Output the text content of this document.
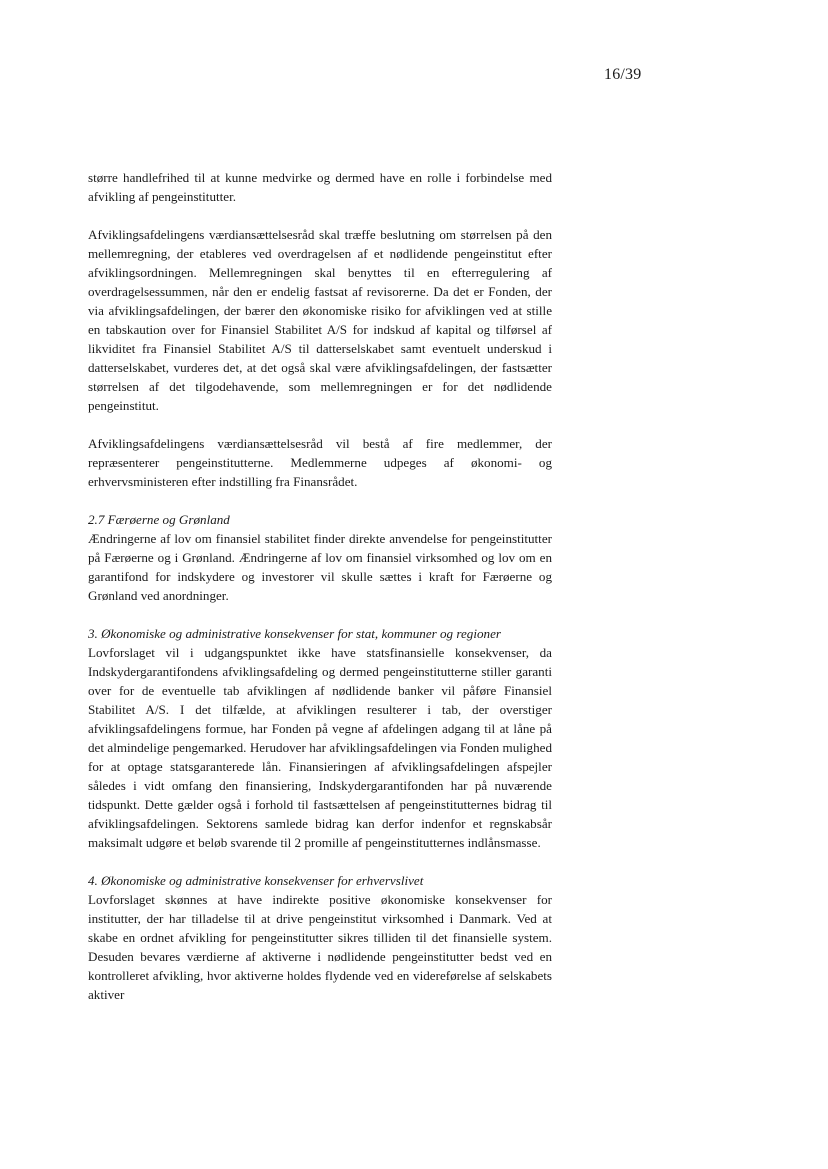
16/39

større handlefrihed til at kunne medvirke og dermed have en rolle i forbindelse med afvikling af pengeinstitutter.

Afviklingsafdelingens værdiansættelsesråd skal træffe beslutning om størrelsen på den mellemregning, der etableres ved overdragelsen af et nødlidende pengeinstitut efter afviklingsordningen. Mellemregningen skal benyttes til en efterregulering af overdragelsessummen, når den er endelig fastsat af revisorerne. Da det er Fonden, der via afviklingsafdelingen, der bærer den økonomiske risiko for afviklingen ved at stille en tabskaution over for Finansiel Stabilitet A/S for indskud af kapital og tilførsel af likviditet fra Finansiel Stabilitet A/S til datterselskabet samt eventuelt underskud i datterselskabet, vurderes det, at det også skal være afviklingsafdelingen, der fastsætter størrelsen af det tilgodehavende, som mellemregningen er for det nødlidende pengeinstitut.

Afviklingsafdelingens værdiansættelsesråd vil bestå af fire medlemmer, der repræsenterer pengeinstitutterne. Medlemmerne udpeges af økonomi- og erhvervsministeren efter indstilling fra Finansrådet.

2.7 Færøerne og Grønland

Ændringerne af lov om finansiel stabilitet finder direkte anvendelse for pengeinstitutter på Færøerne og i Grønland. Ændringerne af lov om finansiel virksomhed og lov om en garantifond for indskydere og investorer vil skulle sættes i kraft for Færøerne og Grønland ved anordninger.

3. Økonomiske og administrative konsekvenser for stat, kommuner og regioner

Lovforslaget vil i udgangspunktet ikke have statsfinansielle konsekvenser, da Indskydergarantifondens afviklingsafdeling og dermed pengeinstitutterne stiller garanti over for de eventuelle tab afviklingen af nødlidende banker vil påføre Finansiel Stabilitet A/S. I det tilfælde, at afviklingen resulterer i tab, der overstiger afviklingsafdelingens formue, har Fonden på vegne af afdelingen adgang til at låne på det almindelige pengemarked. Herudover har afviklingsafdelingen via Fonden mulighed for at optage statsgaranterede lån. Finansieringen af afviklingsafdelingen afspejler således i vidt omfang den finansiering, Indskydergarantifonden har på nuværende tidspunkt. Dette gælder også i forhold til fastsættelsen af pengeinstitutternes bidrag til afviklingsafdelingen. Sektorens samlede bidrag kan derfor indenfor et regnskabsår maksimalt udgøre et beløb svarende til 2 promille af pengeinstitutternes indlånsmasse.

4. Økonomiske og administrative konsekvenser for erhvervslivet

Lovforslaget skønnes at have indirekte positive økonomiske konsekvenser for institutter, der har tilladelse til at drive pengeinstitut virksomhed i Danmark. Ved at skabe en ordnet afvikling for pengeinstitutter sikres tilliden til det finansielle system. Desuden bevares værdierne af aktiverne i nødlidende pengeinstitutter bedst ved en kontrolleret afvikling, hvor aktiverne holdes flydende ved en videreførelse af selskabets aktiver
